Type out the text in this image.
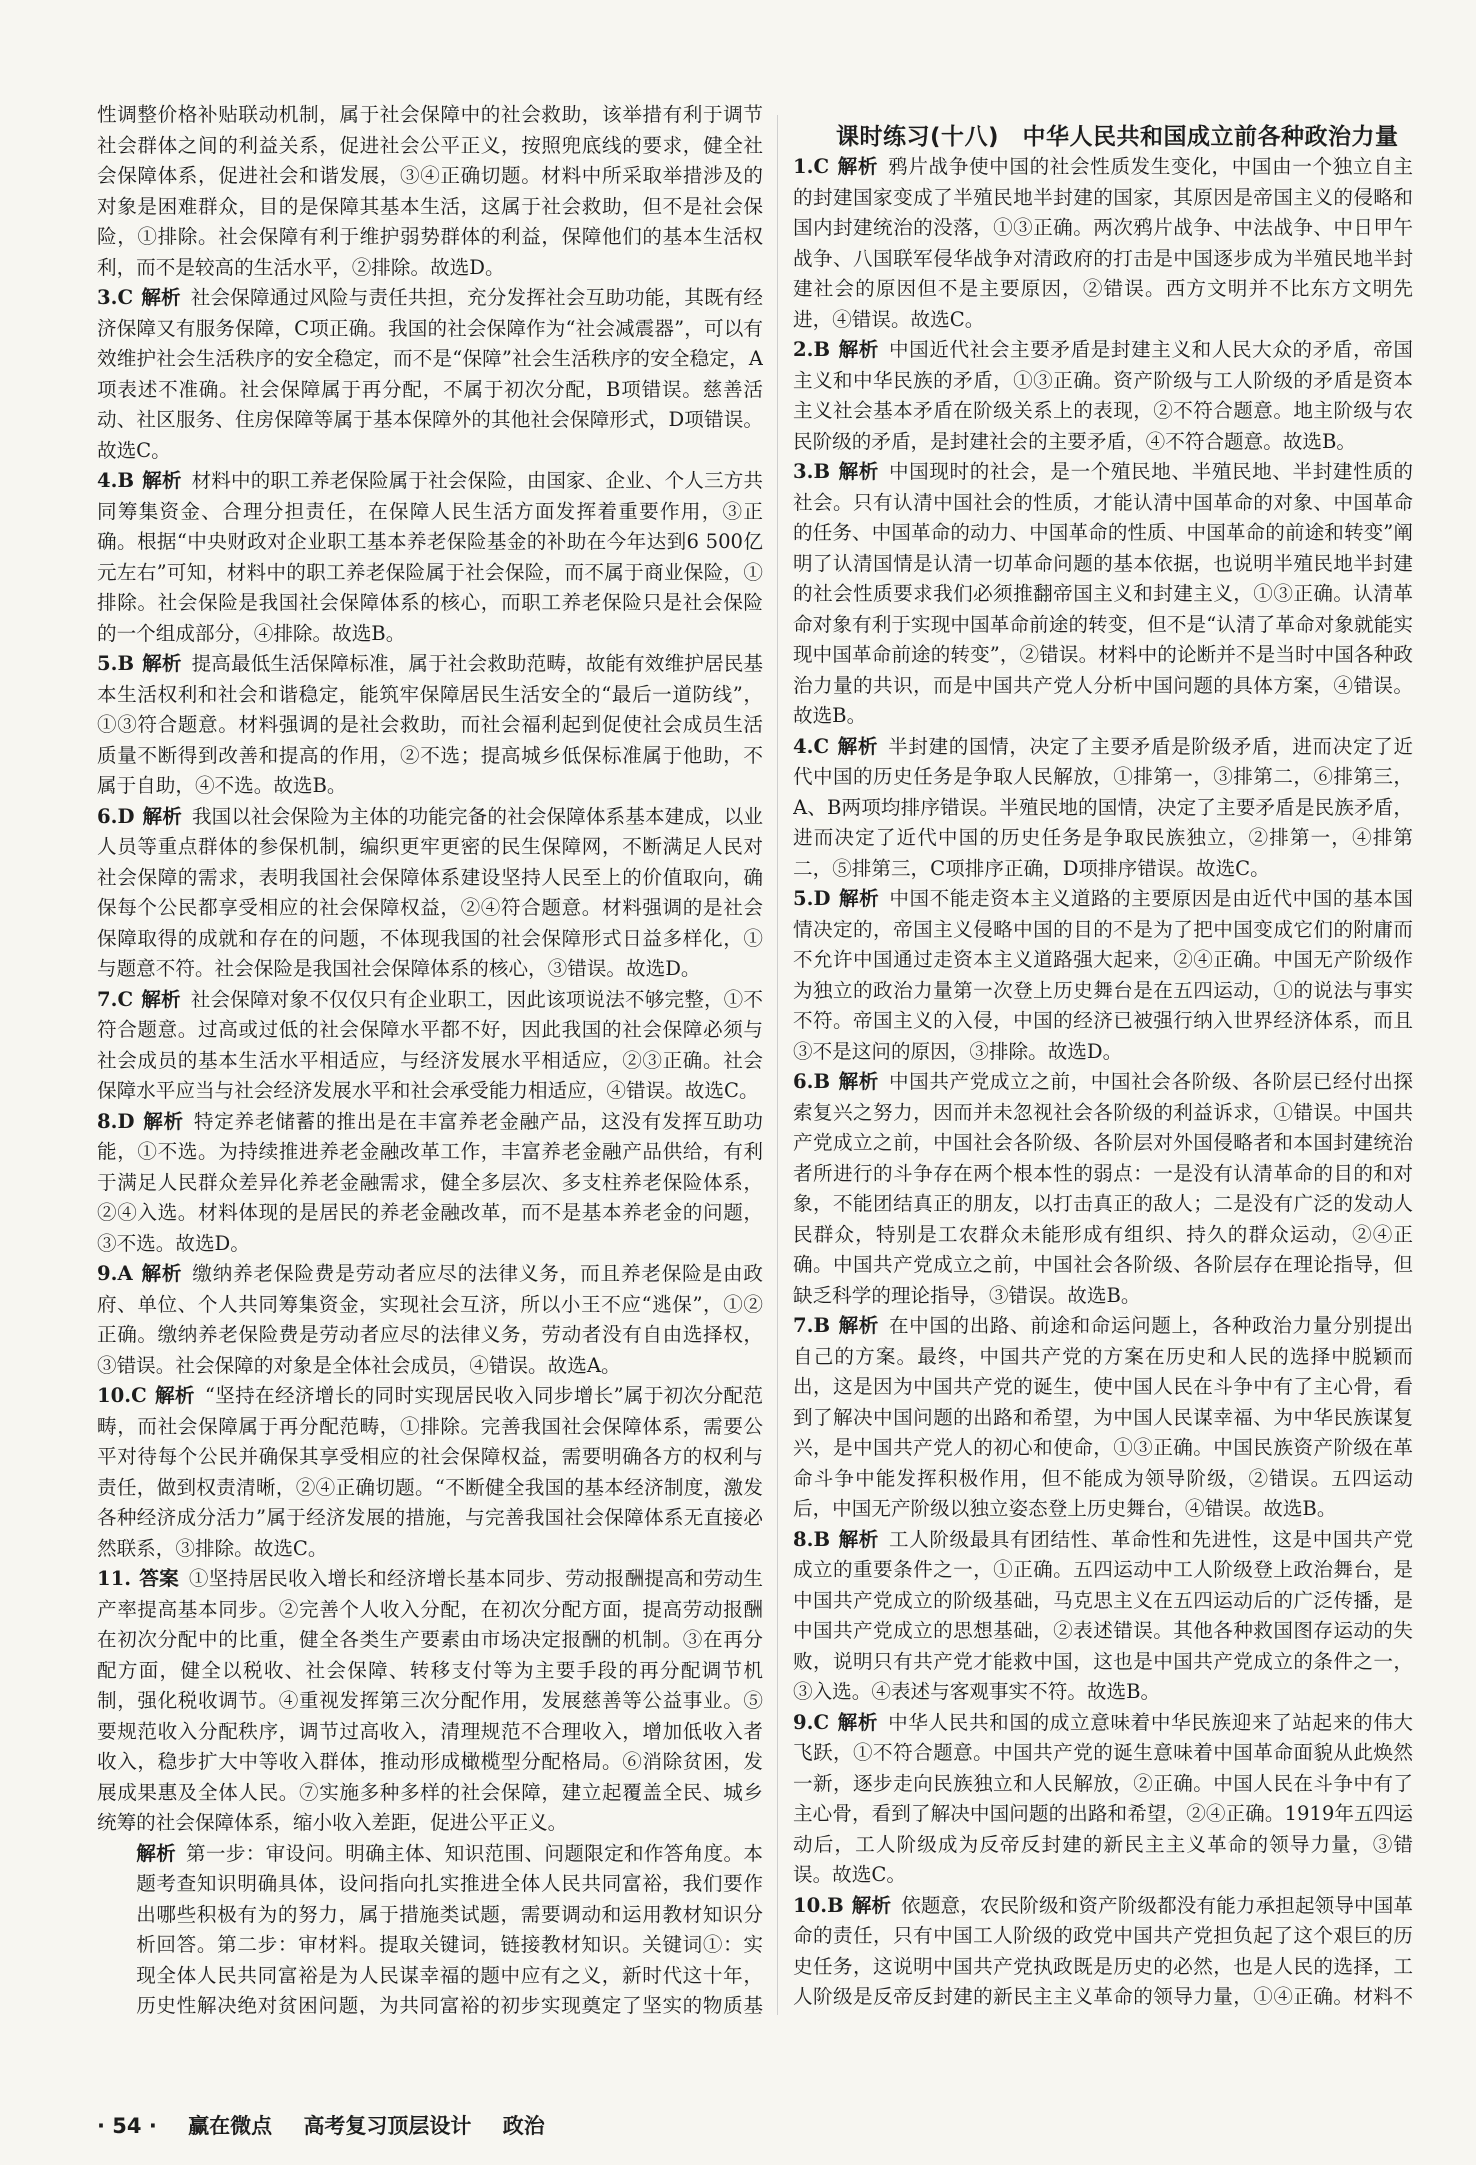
课时练习(十八)　中华人民共和国成立前各种政治力量

性调整价格补贴联动机制，属于社会保障中的社会救助，该举措有利于调节社会群体之间的利益关系，促进社会公平正义，按照兜底线的要求，健全社会保障体系，促进社会和谐发展，③④正确切题。材料中所采取举措涉及的对象是困难群众，目的是保障其基本生活，这属于社会救助，但不是社会保险，①排除。社会保障有利于维护弱势群体的利益，保障他们的基本生活权利，而不是较高的生活水平，②排除。故选D。

3.C 解析 社会保障通过风险与责任共担，充分发挥社会互助功能，其既有经济保障又有服务保障，C项正确。我国的社会保障作为“社会减震器”，可以有效维护社会生活秩序的安全稳定，而不是“保障”社会生活秩序的安全稳定，A项表述不准确。社会保障属于再分配，不属于初次分配，B项错误。慈善活动、社区服务、住房保障等属于基本保障外的其他社会保障形式，D项错误。故选C。

4.B 解析 材料中的职工养老保险属于社会保险，由国家、企业、个人三方共同筹集资金、合理分担责任，在保障人民生活方面发挥着重要作用，③正确。根据“中央财政对企业职工基本养老保险基金的补助在今年达到6 500亿元左右”可知，材料中的职工养老保险属于社会保险，而不属于商业保险，①排除。社会保险是我国社会保障体系的核心，而职工养老保险只是社会保险的一个组成部分，④排除。故选B。

5.B 解析 提高最低生活保障标准，属于社会救助范畴，故能有效维护居民基本生活权利和社会和谐稳定，能筑牢保障居民生活安全的“最后一道防线”，①③符合题意。材料强调的是社会救助，而社会福利起到促使社会成员生活质量不断得到改善和提高的作用，②不选；提高城乡低保标准属于他助，不属于自助，④不选。故选B。

6.D 解析 我国以社会保险为主体的功能完备的社会保障体系基本建成，以业人员等重点群体的参保机制，编织更牢更密的民生保障网，不断满足人民对社会保障的需求，表明我国社会保障体系建设坚持人民至上的价值取向，确保每个公民都享受相应的社会保障权益，②④符合题意。材料强调的是社会保障取得的成就和存在的问题，不体现我国的社会保障形式日益多样化，①与题意不符。社会保险是我国社会保障体系的核心，③错误。故选D。

7.C 解析 社会保障对象不仅仅只有企业职工，因此该项说法不够完整，①不符合题意。过高或过低的社会保障水平都不好，因此我国的社会保障必须与社会成员的基本生活水平相适应，与经济发展水平相适应，②③正确。社会保障水平应当与社会经济发展水平和社会承受能力相适应，④错误。故选C。

8.D 解析 特定养老储蓄的推出是在丰富养老金融产品，这没有发挥互助功能，①不选。为持续推进养老金融改革工作，丰富养老金融产品供给，有利于满足人民群众差异化养老金融需求，健全多层次、多支柱养老保险体系，②④入选。材料体现的是居民的养老金融改革，而不是基本养老金的问题，③不选。故选D。

9.A 解析 缴纳养老保险费是劳动者应尽的法律义务，而且养老保险是由政府、单位、个人共同筹集资金，实现社会互济，所以小王不应“逃保”，①②正确。缴纳养老保险费是劳动者应尽的法律义务，劳动者没有自由选择权，③错误。社会保障的对象是全体社会成员，④错误。故选A。

10.C 解析 “坚持在经济增长的同时实现居民收入同步增长”属于初次分配范畴，而社会保障属于再分配范畴，①排除。完善我国社会保障体系，需要公平对待每个公民并确保其享受相应的社会保障权益，需要明确各方的权利与责任，做到权责清晰，②④正确切题。“不断健全我国的基本经济制度，激发各种经济成分活力”属于经济发展的措施，与完善我国社会保障体系无直接必然联系，③排除。故选C。

11. 答案 ①坚持居民收入增长和经济增长基本同步、劳动报酬提高和劳动生产率提高基本同步。②完善个人收入分配，在初次分配方面，提高劳动报酬在初次分配中的比重，健全各类生产要素由市场决定报酬的机制。③在再分配方面，健全以税收、社会保障、转移支付等为主要手段的再分配调节机制，强化税收调节。④重视发挥第三次分配作用，发展慈善等公益事业。⑤要规范收入分配秩序，调节过高收入，清理规范不合理收入，增加低收入者收入，稳步扩大中等收入群体，推动形成橄榄型分配格局。⑥消除贫困，发展成果惠及全体人民。⑦实施多种多样的社会保障，建立起覆盖全民、城乡统筹的社会保障体系，缩小收入差距，促进公平正义。

解析 第一步：审设问。明确主体、知识范围、问题限定和作答角度。本题考查知识明确具体，设问指向扎实推进全体人民共同富裕，我们要作出哪些积极有为的努力，属于措施类试题，需要调动和运用教材知识分析回答。第二步：审材料。提取关键词，链接教材知识。关键词①：实现全体人民共同富裕是为人民谋幸福的题中应有之义，新时代这十年，历史性解决绝对贫困问题，为共同富裕的初步实现奠定了坚实的物质基

1.C 解析 鸦片战争使中国的社会性质发生变化，中国由一个独立自主的封建国家变成了半殖民地半封建的国家，其原因是帝国主义的侵略和国内封建统治的没落，①③正确。两次鸦片战争、中法战争、中日甲午战争、八国联军侵华战争对清政府的打击是中国逐步成为半殖民地半封建社会的原因但不是主要原因，②错误。西方文明并不比东方文明先进，④错误。故选C。

2.B 解析 中国近代社会主要矛盾是封建主义和人民大众的矛盾，帝国主义和中华民族的矛盾，①③正确。资产阶级与工人阶级的矛盾是资本主义社会基本矛盾在阶级关系上的表现，②不符合题意。地主阶级与农民阶级的矛盾，是封建社会的主要矛盾，④不符合题意。故选B。

3.B 解析 中国现时的社会，是一个殖民地、半殖民地、半封建性质的社会。只有认清中国社会的性质，才能认清中国革命的对象、中国革命的任务、中国革命的动力、中国革命的性质、中国革命的前途和转变”阐明了认清国情是认清一切革命问题的基本依据，也说明半殖民地半封建的社会性质要求我们必须推翻帝国主义和封建主义，①③正确。认清革命对象有利于实现中国革命前途的转变，但不是“认清了革命对象就能实现中国革命前途的转变”，②错误。材料中的论断并不是当时中国各种政治力量的共识，而是中国共产党人分析中国问题的具体方案，④错误。故选B。

4.C 解析 半封建的国情，决定了主要矛盾是阶级矛盾，进而决定了近代中国的历史任务是争取人民解放，①排第一，③排第二，⑥排第三，A、B两项均排序错误。半殖民地的国情，决定了主要矛盾是民族矛盾，进而决定了近代中国的历史任务是争取民族独立，②排第一，④排第二，⑤排第三，C项排序正确，D项排序错误。故选C。

5.D 解析 中国不能走资本主义道路的主要原因是由近代中国的基本国情决定的，帝国主义侵略中国的目的不是为了把中国变成它们的附庸而不允许中国通过走资本主义道路强大起来，②④正确。中国无产阶级作为独立的政治力量第一次登上历史舞台是在五四运动，①的说法与事实不符。帝国主义的入侵，中国的经济已被强行纳入世界经济体系，而且③不是这问的原因，③排除。故选D。

6.B 解析 中国共产党成立之前，中国社会各阶级、各阶层已经付出探索复兴之努力，因而并未忽视社会各阶级的利益诉求，①错误。中国共产党成立之前，中国社会各阶级、各阶层对外国侵略者和本国封建统治者所进行的斗争存在两个根本性的弱点：一是没有认清革命的目的和对象，不能团结真正的朋友，以打击真正的敌人；二是没有广泛的发动人民群众，特别是工农群众未能形成有组织、持久的群众运动，②④正确。中国共产党成立之前，中国社会各阶级、各阶层存在理论指导，但缺乏科学的理论指导，③错误。故选B。

7.B 解析 在中国的出路、前途和命运问题上，各种政治力量分别提出自己的方案。最终，中国共产党的方案在历史和人民的选择中脱颖而出，这是因为中国共产党的诞生，使中国人民在斗争中有了主心骨，看到了解决中国问题的出路和希望，为中国人民谋幸福、为中华民族谋复兴，是中国共产党人的初心和使命，①③正确。中国民族资产阶级在革命斗争中能发挥积极作用，但不能成为领导阶级，②错误。五四运动后，中国无产阶级以独立姿态登上历史舞台，④错误。故选B。

8.B 解析 工人阶级最具有团结性、革命性和先进性，这是中国共产党成立的重要条件之一，①正确。五四运动中工人阶级登上政治舞台，是中国共产党成立的阶级基础，马克思主义在五四运动后的广泛传播，是中国共产党成立的思想基础，②表述错误。其他各种救国图存运动的失败，说明只有共产党才能救中国，这也是中国共产党成立的条件之一，③入选。④表述与客观事实不符。故选B。

9.C 解析 中华人民共和国的成立意味着中华民族迎来了站起来的伟大飞跃，①不符合题意。中国共产党的诞生意味着中国革命面貌从此焕然一新，逐步走向民族独立和人民解放，②正确。中国人民在斗争中有了主心骨，看到了解决中国问题的出路和希望，②④正确。1919年五四运动后，工人阶级成为反帝反封建的新民主主义革命的领导力量，③错误。故选C。

10.B 解析 依题意，农民阶级和资产阶级都没有能力承担起领导中国革命的责任，只有中国工人阶级的政党中国共产党担负起了这个艰巨的历史任务，这说明中国共产党执政既是历史的必然，也是人民的选择，工人阶级是反帝反封建的新民主主义革命的领导力量，①④正确。材料不

· 54 · 赢在微点 高考复习顶层设计 政治
